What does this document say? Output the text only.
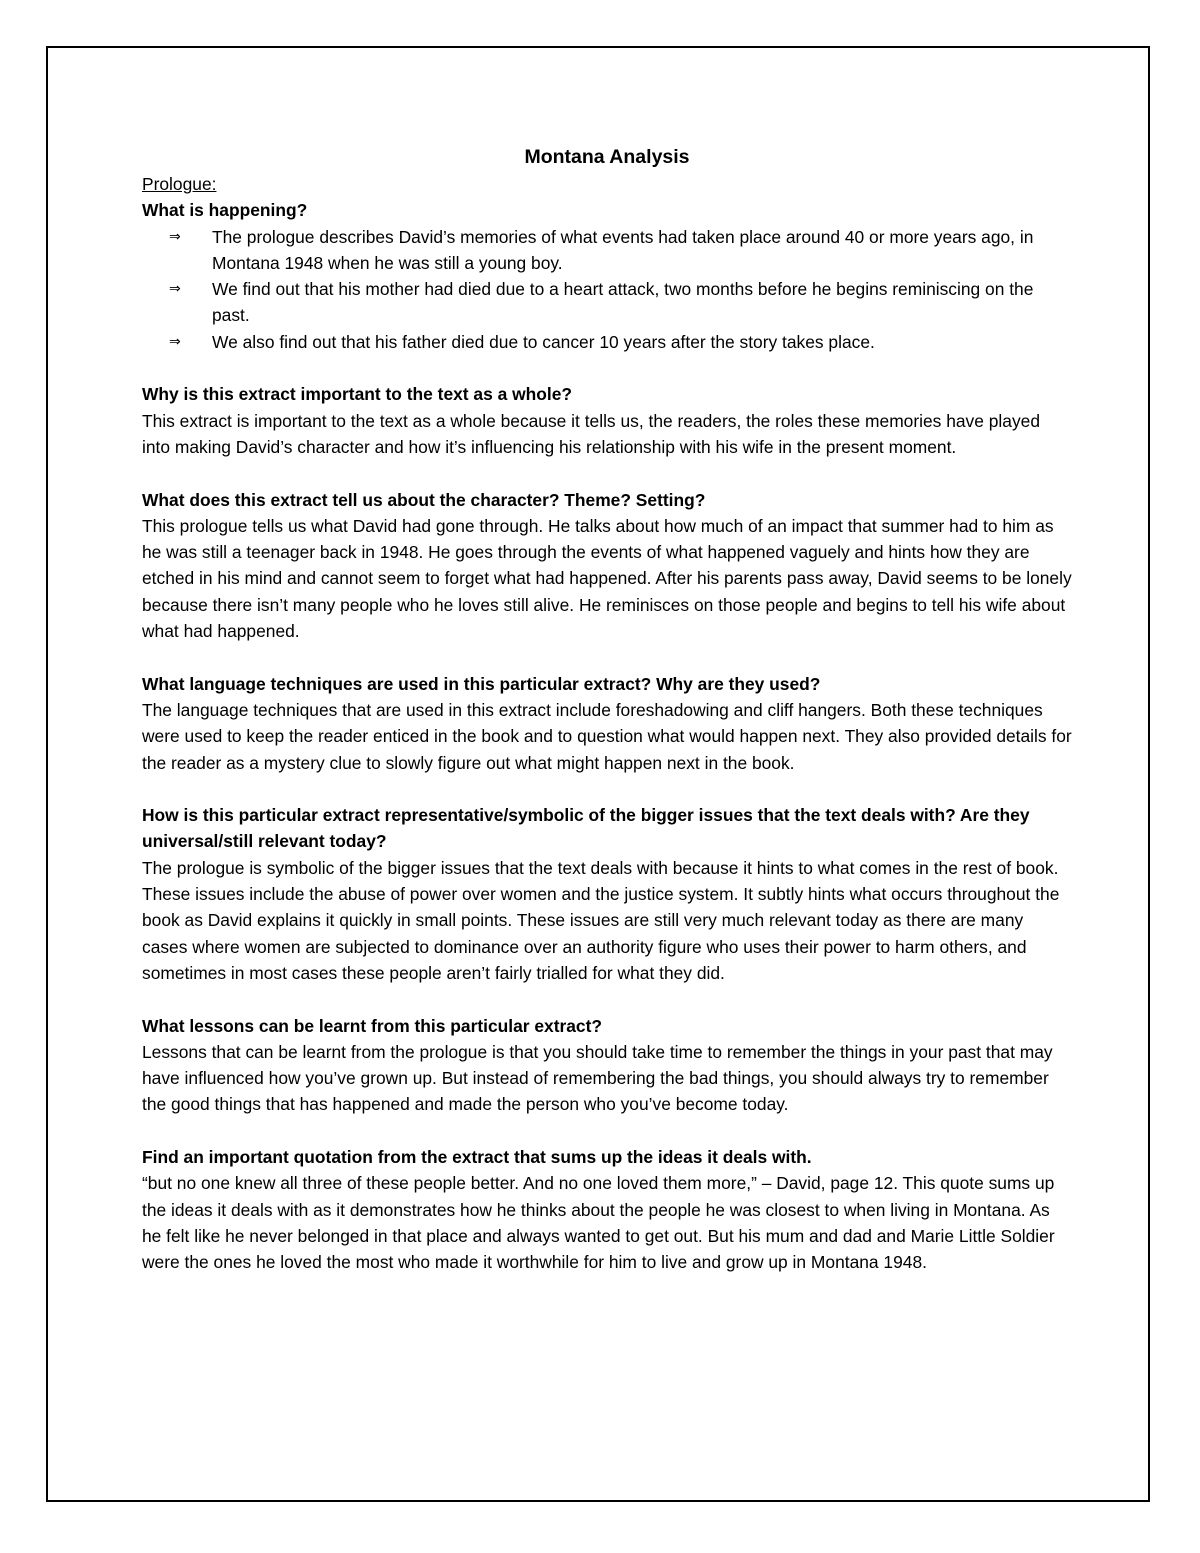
Montana Analysis

Prologue:

What is happening?

⇒ The prologue describes David’s memories of what events had taken place around 40 or more years ago, in Montana 1948 when he was still a young boy.
⇒ We find out that his mother had died due to a heart attack, two months before he begins reminiscing on the past.
⇒ We also find out that his father died due to cancer 10 years after the story takes place.

Why is this extract important to the text as a whole?

This extract is important to the text as a whole because it tells us, the readers, the roles these memories have played into making David’s character and how it’s influencing his relationship with his wife in the present moment.

What does this extract tell us about the character? Theme? Setting?

This prologue tells us what David had gone through. He talks about how much of an impact that summer had to him as he was still a teenager back in 1948. He goes through the events of what happened vaguely and hints how they are etched in his mind and cannot seem to forget what had happened. After his parents pass away, David seems to be lonely because there isn’t many people who he loves still alive. He reminisces on those people and begins to tell his wife about what had happened.

What language techniques are used in this particular extract? Why are they used?

The language techniques that are used in this extract include foreshadowing and cliff hangers. Both these techniques were used to keep the reader enticed in the book and to question what would happen next. They also provided details for the reader as a mystery clue to slowly figure out what might happen next in the book.

How is this particular extract representative/symbolic of the bigger issues that the text deals with? Are they universal/still relevant today?

The prologue is symbolic of the bigger issues that the text deals with because it hints to what comes in the rest of book. These issues include the abuse of power over women and the justice system. It subtly hints what occurs throughout the book as David explains it quickly in small points. These issues are still very much relevant today as there are many cases where women are subjected to dominance over an authority figure who uses their power to harm others, and sometimes in most cases these people aren’t fairly trialled for what they did.

What lessons can be learnt from this particular extract?

Lessons that can be learnt from the prologue is that you should take time to remember the things in your past that may have influenced how you’ve grown up. But instead of remembering the bad things, you should always try to remember the good things that has happened and made the person who you’ve become today.

Find an important quotation from the extract that sums up the ideas it deals with.

“but no one knew all three of these people better. And no one loved them more,” – David, page 12. This quote sums up the ideas it deals with as it demonstrates how he thinks about the people he was closest to when living in Montana. As he felt like he never belonged in that place and always wanted to get out. But his mum and dad and Marie Little Soldier were the ones he loved the most who made it worthwhile for him to live and grow up in Montana 1948.
